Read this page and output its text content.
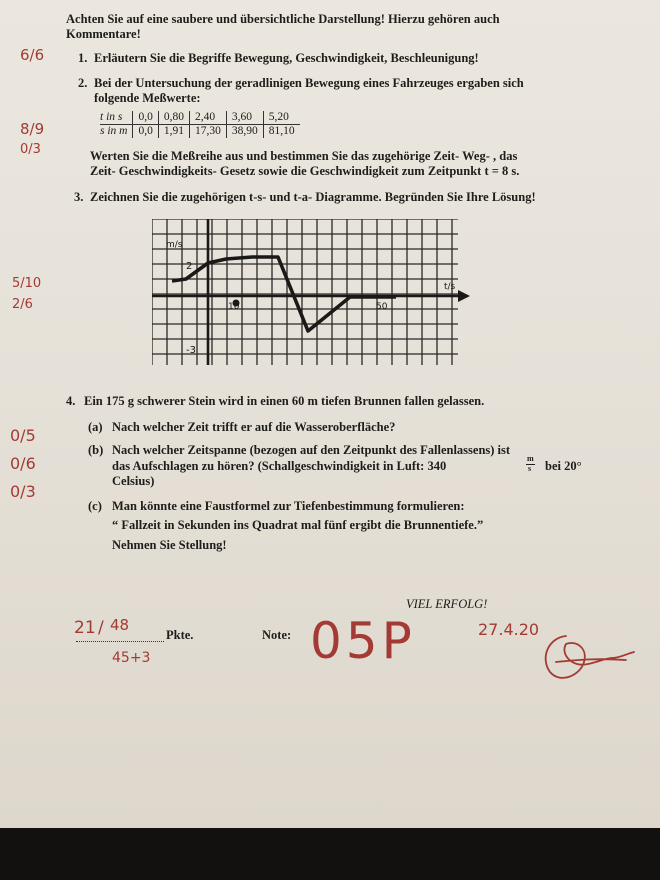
Achten Sie auf eine saubere und übersichtliche Darstellung! Hierzu gehören auch
Kommentare!
1. Erläutern Sie die Begriffe Bewegung, Geschwindigkeit, Beschleunigung!
2. Bei der Untersuchung der geradlinigen Bewegung eines Fahrzeuges ergaben sich
folgende Meßwerte:
t in s	0,0	0,80	2,40	3,60	5,20
s in m	0,0	1,91	17,30	38,90	81,10
Werten Sie die Meßreihe aus und bestimmen Sie das zugehörige Zeit- Weg- , das
Zeit- Geschwindigkeits- Gesetz sowie die Geschwindigkeit zum Zeitpunkt t = 8 s.
3. Zeichnen Sie die zugehörigen t-s- und t-a- Diagramme. Begründen Sie Ihre Lösung!
m/s
2
10	50
-3
t/s
4. Ein 175 g schwerer Stein wird in einen 60 m tiefen Brunnen fallen gelassen.
(a) Nach welcher Zeit trifft er auf die Wasseroberfläche?
(b) Nach welcher Zeitspanne (bezogen auf den Zeitpunkt des Fallenlassens) ist
das Aufschlagen zu hören? (Schallgeschwindigkeit in Luft: 340
m
s bei 20°
Celsius)
(c) Man könnte eine Faustformel zur Tiefenbestimmung formulieren:
“ Fallzeit in Sekunden ins Quadrat mal fünf ergibt die Brunnentiefe.”
Nehmen Sie Stellung!
6/6
8/9
0/3
5/10
2/6
0/5
0/6
0/3
VIEL ERFOLG!
21 / 48
Pkte.
45+3
Note: 05P	27.4.20
